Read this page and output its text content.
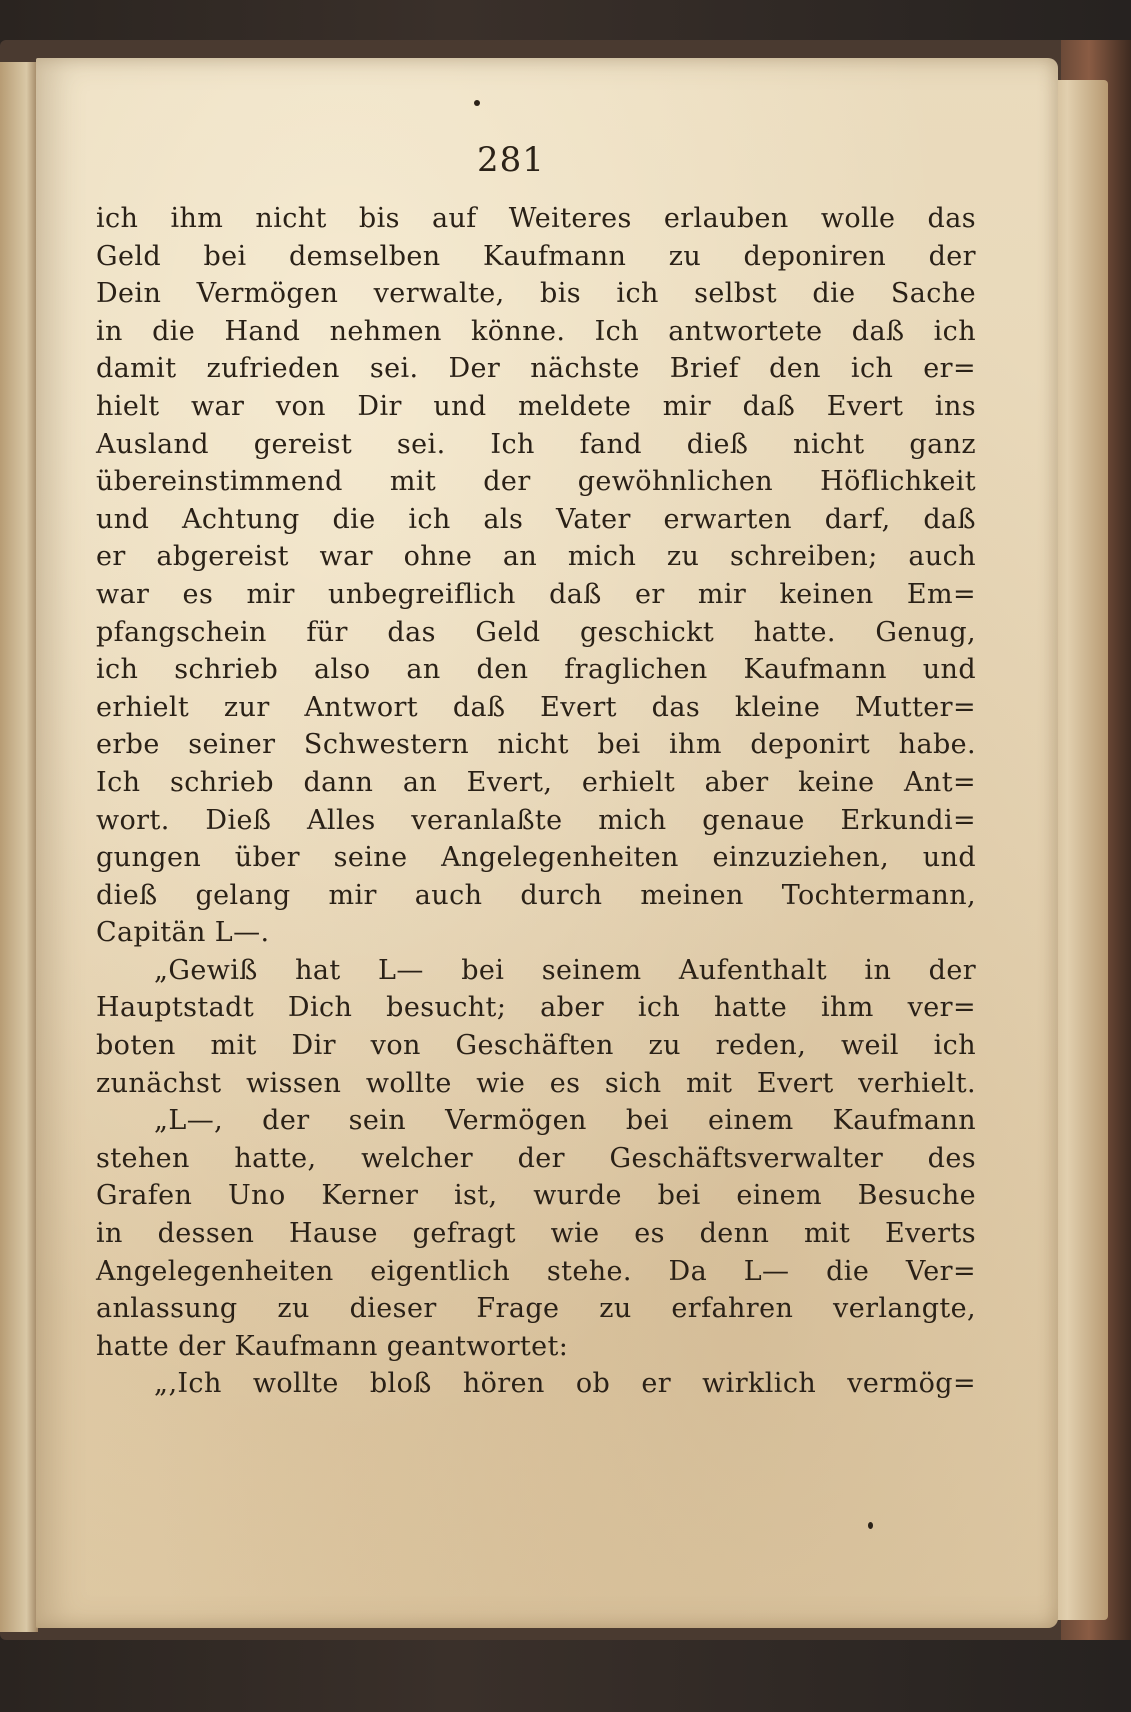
281
ich ihm nicht bis auf Weiteres erlauben wolle das
Geld bei demselben Kaufmann zu deponiren der
Dein Vermögen verwalte, bis ich selbst die Sache
in die Hand nehmen könne. Ich antwortete daß ich
damit zufrieden sei. Der nächste Brief den ich er=
hielt war von Dir und meldete mir daß Evert ins
Ausland gereist sei. Ich fand dieß nicht ganz
übereinstimmend mit der gewöhnlichen Höflichkeit
und Achtung die ich als Vater erwarten darf, daß
er abgereist war ohne an mich zu schreiben; auch
war es mir unbegreiflich daß er mir keinen Em=
pfangschein für das Geld geschickt hatte. Genug,
ich schrieb also an den fraglichen Kaufmann und
erhielt zur Antwort daß Evert das kleine Mutter=
erbe seiner Schwestern nicht bei ihm deponirt habe.
Ich schrieb dann an Evert, erhielt aber keine Ant=
wort. Dieß Alles veranlaßte mich genaue Erkundi=
gungen über seine Angelegenheiten einzuziehen, und
dieß gelang mir auch durch meinen Tochtermann,
Capitän L—.
„Gewiß hat L— bei seinem Aufenthalt in der
Hauptstadt Dich besucht; aber ich hatte ihm ver=
boten mit Dir von Geschäften zu reden, weil ich
zunächst wissen wollte wie es sich mit Evert verhielt.
„L—, der sein Vermögen bei einem Kaufmann
stehen hatte, welcher der Geschäftsverwalter des
Grafen Uno Kerner ist, wurde bei einem Besuche
in dessen Hause gefragt wie es denn mit Everts
Angelegenheiten eigentlich stehe. Da L— die Ver=
anlassung zu dieser Frage zu erfahren verlangte,
hatte der Kaufmann geantwortet:
„‚Ich wollte bloß hören ob er wirklich vermög=
